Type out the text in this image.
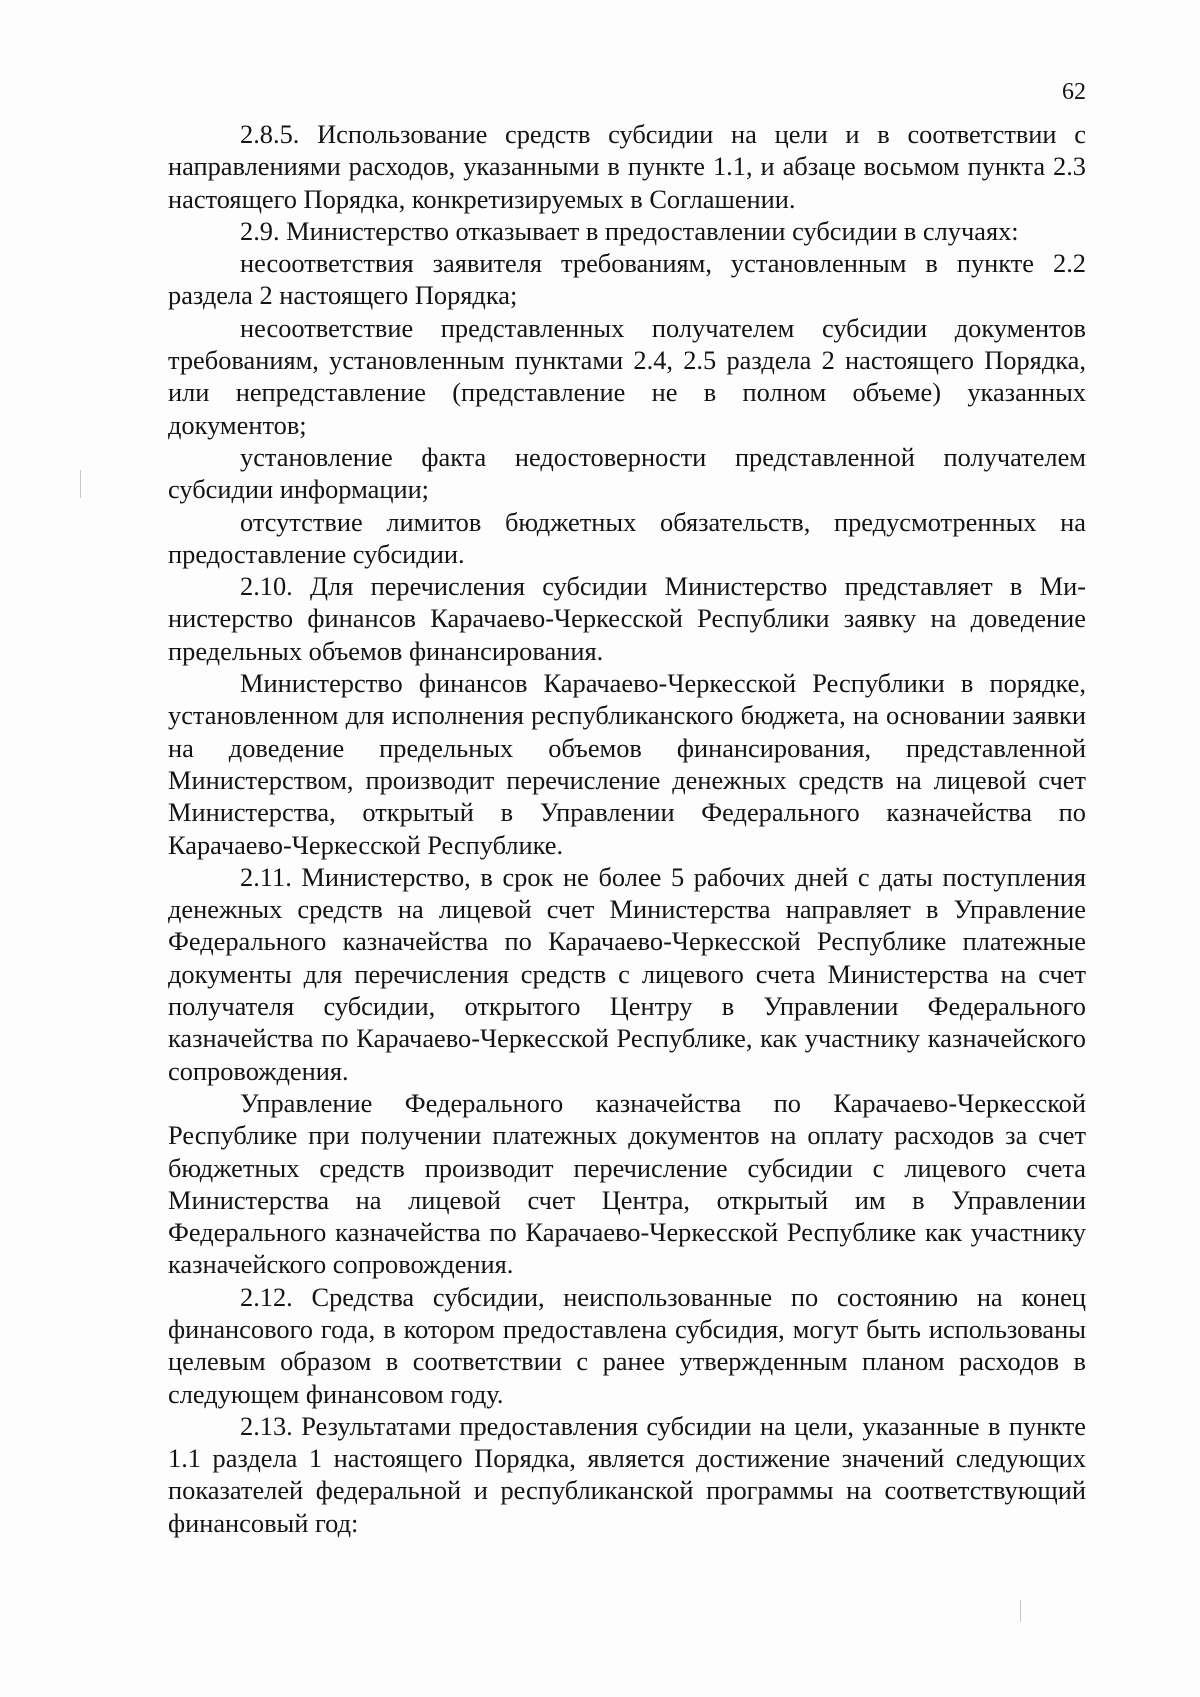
62

2.8.5. Использование средств субсидии на цели и в соответствии с направлениями расходов, указанными в пункте 1.1, и абзаце восьмом пункта 2.3 настоящего Порядка, конкретизируемых в Соглашении.

2.9. Министерство отказывает в предоставлении субсидии в случаях:

несоответствия заявителя требованиям, установленным в пункте 2.2 раздела 2 настоящего Порядка;

несоответствие представленных получателем субсидии документов требованиям, установленным пунктами 2.4, 2.5 раздела 2 настоящего Порядка, или непредставление (представление не в полном объеме) указанных документов;

установление факта недостоверности представленной получателем субсидии информации;

отсутствие лимитов бюджетных обязательств, предусмотренных на предоставление субсидии.

2.10. Для перечисления субсидии Министерство представляет в Министерство финансов Карачаево-Черкесской Республики заявку на доведение предельных объемов финансирования.

Министерство финансов Карачаево-Черкесской Республики в порядке, установленном для исполнения республиканского бюджета, на основании заявки на доведение предельных объемов финансирования, представленной Министерством, производит перечисление денежных средств на лицевой счет Министерства, открытый в Управлении Федерального казначейства по Карачаево-Черкесской Республике.

2.11. Министерство, в срок не более 5 рабочих дней с даты поступления денежных средств на лицевой счет Министерства направляет в Управление Федерального казначейства по Карачаево-Черкесской Республике платежные документы для перечисления средств с лицевого счета Министерства на счет получателя субсидии, открытого Центру в Управлении Федерального казначейства по Карачаево-Черкесской Республике, как участнику казначейского сопровождения.

Управление Федерального казначейства по Карачаево-Черкесской Республике при получении платежных документов на оплату расходов за счет бюджетных средств производит перечисление субсидии с лицевого счета Министерства на лицевой счет Центра, открытый им в Управлении Федерального казначейства по Карачаево-Черкесской Республике как участнику казначейского сопровождения.

2.12. Средства субсидии, неиспользованные по состоянию на конец финансового года, в котором предоставлена субсидия, могут быть использованы целевым образом в соответствии с ранее утвержденным планом расходов в следующем финансовом году.

2.13. Результатами предоставления субсидии на цели, указанные в пункте 1.1 раздела 1 настоящего Порядка, является достижение значений следующих показателей федеральной и республиканской программы на соответствующий финансовый год:
